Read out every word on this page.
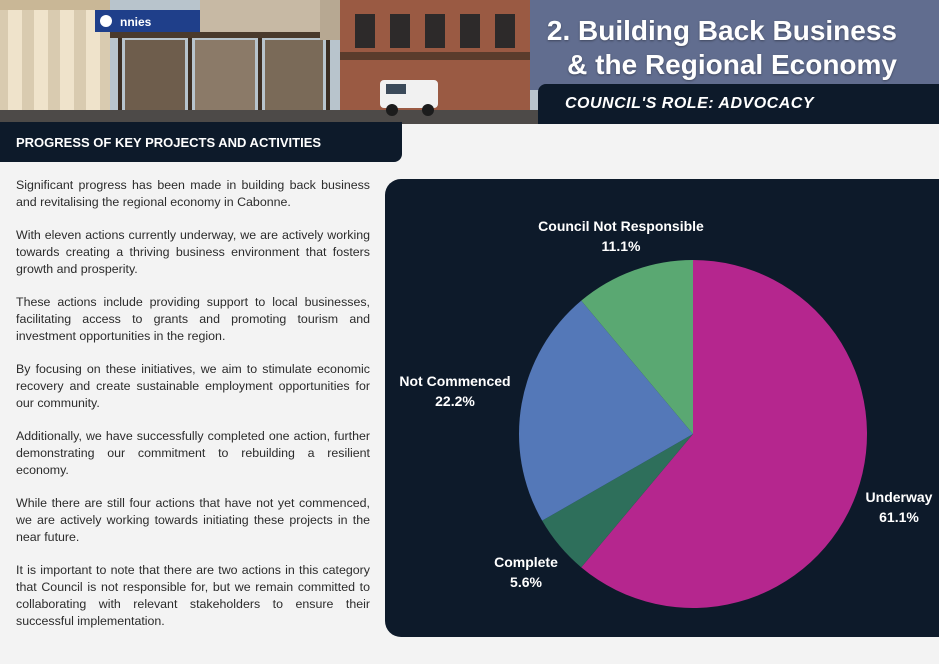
nnies	2. Building Back Business
& the Regional Economy
COUNCIL'S ROLE: ADVOCACY
PROGRESS OF KEY PROJECTS AND ACTIVITIES

Significant progress has been made in building back business and revitalising the regional economy in Cabonne.

With eleven actions currently underway, we are actively working towards creating a thriving business environment that fosters growth and prosperity.

These actions include providing support to local businesses, facilitating access to grants and promoting tourism and investment opportunities in the region.

By focusing on these initiatives, we aim to stimulate economic recovery and create sustainable employment opportunities for our community.

Additionally, we have successfully completed one action, further demonstrating our commitment to rebuilding a resilient economy.

While there are still four actions that have not yet commenced, we are actively working towards initiating these projects in the near future.

It is important to note that there are two actions in this category that Council is not responsible for, but we remain committed to collaborating with relevant stakeholders to ensure their successful implementation.

Underway
61.1%
Complete
5.6%
Not Commenced
22.2%
Council Not Responsible
11.1%
